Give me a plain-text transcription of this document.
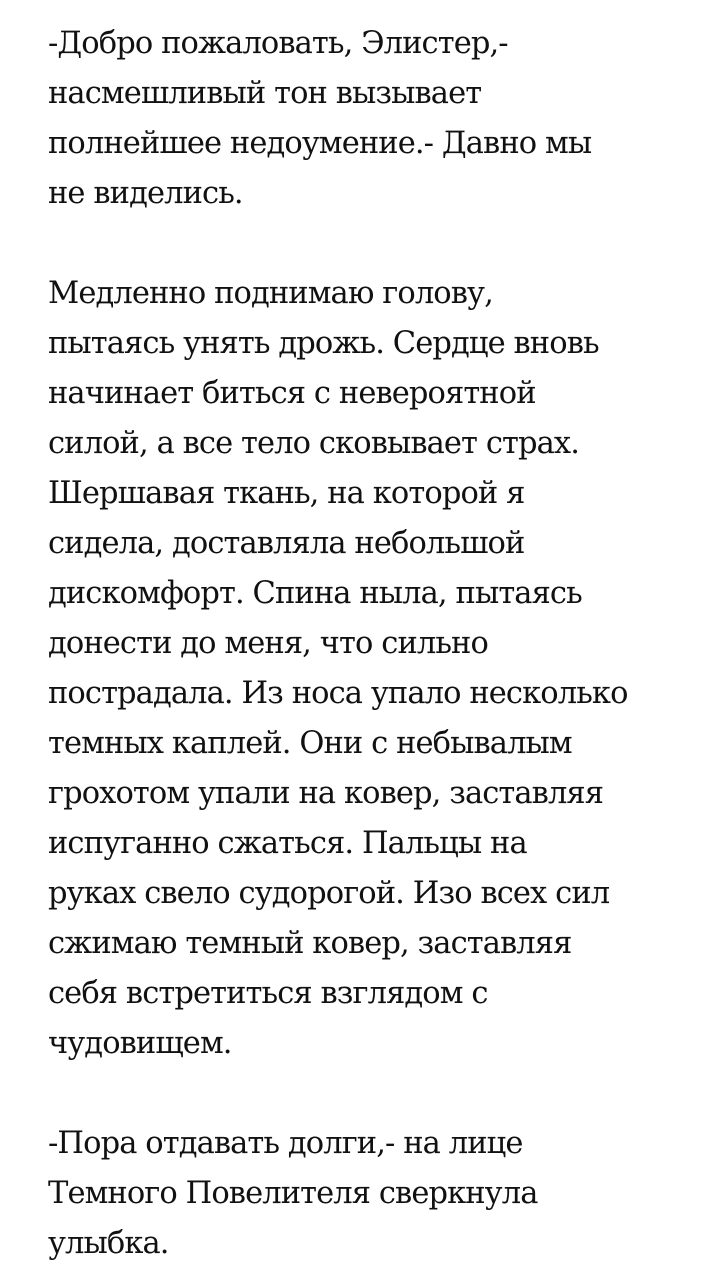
-Добро пожаловать, Элистер,-
насмешливый тон вызывает
полнейшее недоумение.- Давно мы
не виделись.

Медленно поднимаю голову,
пытаясь унять дрожь. Сердце вновь
начинает биться с невероятной
силой, а все тело сковывает страх.
Шершавая ткань, на которой я
сидела, доставляла небольшой
дискомфорт. Спина ныла, пытаясь
донести до меня, что сильно
пострадала. Из носа упало несколько
темных каплей. Они с небывалым
грохотом упали на ковер, заставляя
испуганно сжаться. Пальцы на
руках свело судорогой. Изо всех сил
сжимаю темный ковер, заставляя
себя встретиться взглядом с
чудовищем.

-Пора отдавать долги,- на лице
Темного Повелителя сверкнула
улыбка.
